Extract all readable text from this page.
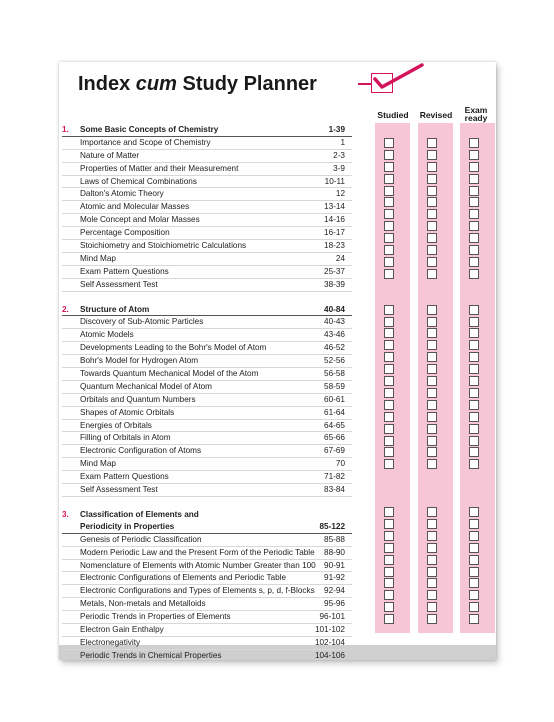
Index cum Study Planner
Studied	Revised	Exam ready
1. Some Basic Concepts of Chemistry	1-39
Importance and Scope of Chemistry	1
Nature of Matter	2-3
Properties of Matter and their Measurement	3-9
Laws of Chemical Combinations	10-11
Dalton's Atomic Theory	12
Atomic and Molecular Masses	13-14
Mole Concept and Molar Masses	14-16
Percentage Composition	16-17
Stoichiometry and Stoichiometric Calculations	18-23
Mind Map	24
Exam Pattern Questions	25-37
Self Assessment Test	38-39
2. Structure of Atom	40-84
Discovery of Sub-Atomic Particles	40-43
Atomic Models	43-46
Developments Leading to the Bohr's Model of Atom	46-52
Bohr's Model for Hydrogen Atom	52-56
Towards Quantum Mechanical Model of the Atom	56-58
Quantum Mechanical Model of Atom	58-59
Orbitals and Quantum Numbers	60-61
Shapes of Atomic Orbitals	61-64
Energies of Orbitals	64-65
Filling of Orbitals in Atom	65-66
Electronic Configuration of Atoms	67-69
Mind Map	70
Exam Pattern Questions	71-82
Self Assessment Test	83-84
3. Classification of Elements and
Periodicity in Properties	85-122
Genesis of Periodic Classification	85-88
Modern Periodic Law and the Present Form of the Periodic Table 88-90
Nomenclature of Elements with Atomic Number Greater than 100 90-91
Electronic Configurations of Elements and Periodic Table	91-92
Electronic Configurations and Types of Elements s, p, d, f-Blocks 92-94
Metals, Non-metals and Metalloids	95-96
Periodic Trends in Properties of Elements	96-101
Electron Gain Enthalpy	101-102
Electronegativity	102-104
Periodic Trends in Chemical Properties	104-106
